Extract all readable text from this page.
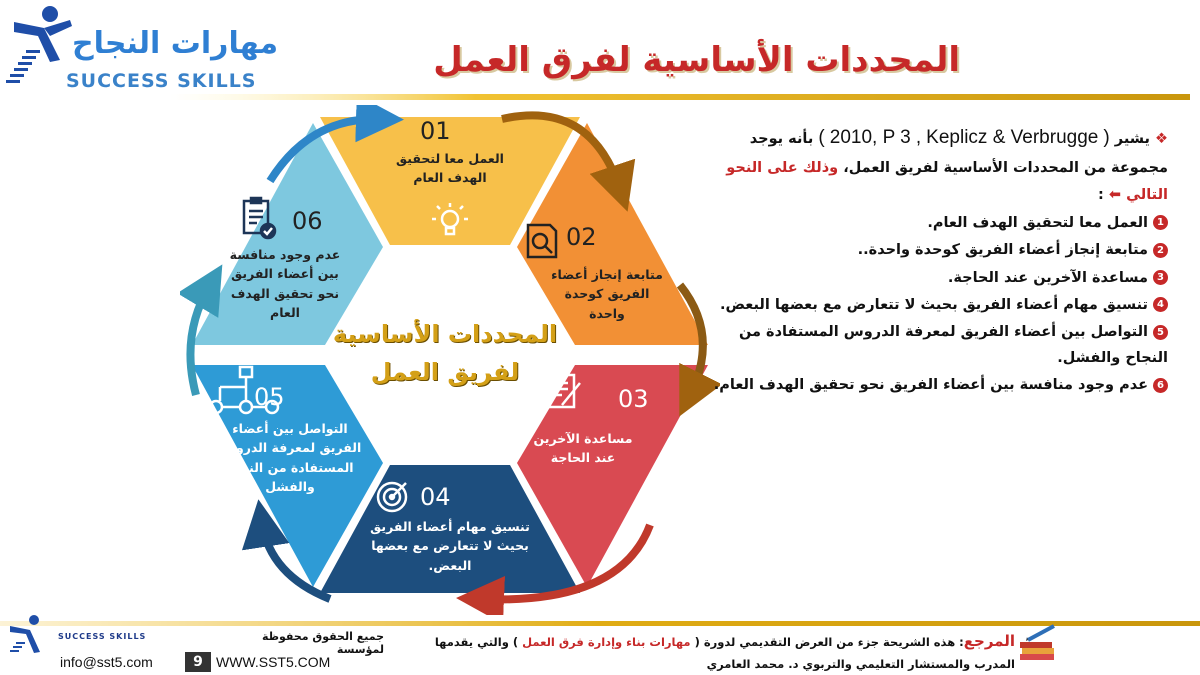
مهارات النجاح
SUCCESS SKILLS
المحددات الأساسية لفرق العمل
01
02
03
04
05
06
العمل معا لتحقيق
الهدف العام
متابعة إنجاز أعضاء
الفريق كوحدة
واحدة
مساعدة الآخرين
عند الحاجة
تنسيق مهام أعضاء الفريق
بحيث لا تتعارض مع بعضها
البعض.
التواصل بين أعضاء
الفريق لمعرفة الدروس
المستفادة من النجاح
والفشل
عدم وجود منافسة
بين أعضاء الفريق
نحو تحقيق الهدف
العام
المحددات الأساسية
لفريق العمل
❖ يشير ( Keplicz & Verbrugge , 2010, P 3 ) بأنه يوجد مجموعة من المحددات الأساسية لفريق العمل، وذلك على النحو التالي ⬅ :
1العمل معا لتحقيق الهدف العام.
2متابعة إنجاز أعضاء الفريق كوحدة واحدة..
3مساعدة الآخرين عند الحاجة.
4تنسيق مهام أعضاء الفريق بحيث لا تتعارض مع بعضها البعض.
5التواصل بين أعضاء الفريق لمعرفة الدروس المستفادة من النجاح والفشل.
6عدم وجود منافسة بين أعضاء الفريق نحو تحقيق الهدف العام.
SUCCESS SKILLS	جميع الحقوق محفوظة لمؤسسة
info@sst5.com	9 WWW.SST5.COM
المرجع: هذه الشريحة جزء من العرض التقديمي لدورة ( مهارات بناء وإدارة فرق العمل ) والتي يقدمها
المدرب والمستشار التعليمي والتربوي د. محمد العامري
